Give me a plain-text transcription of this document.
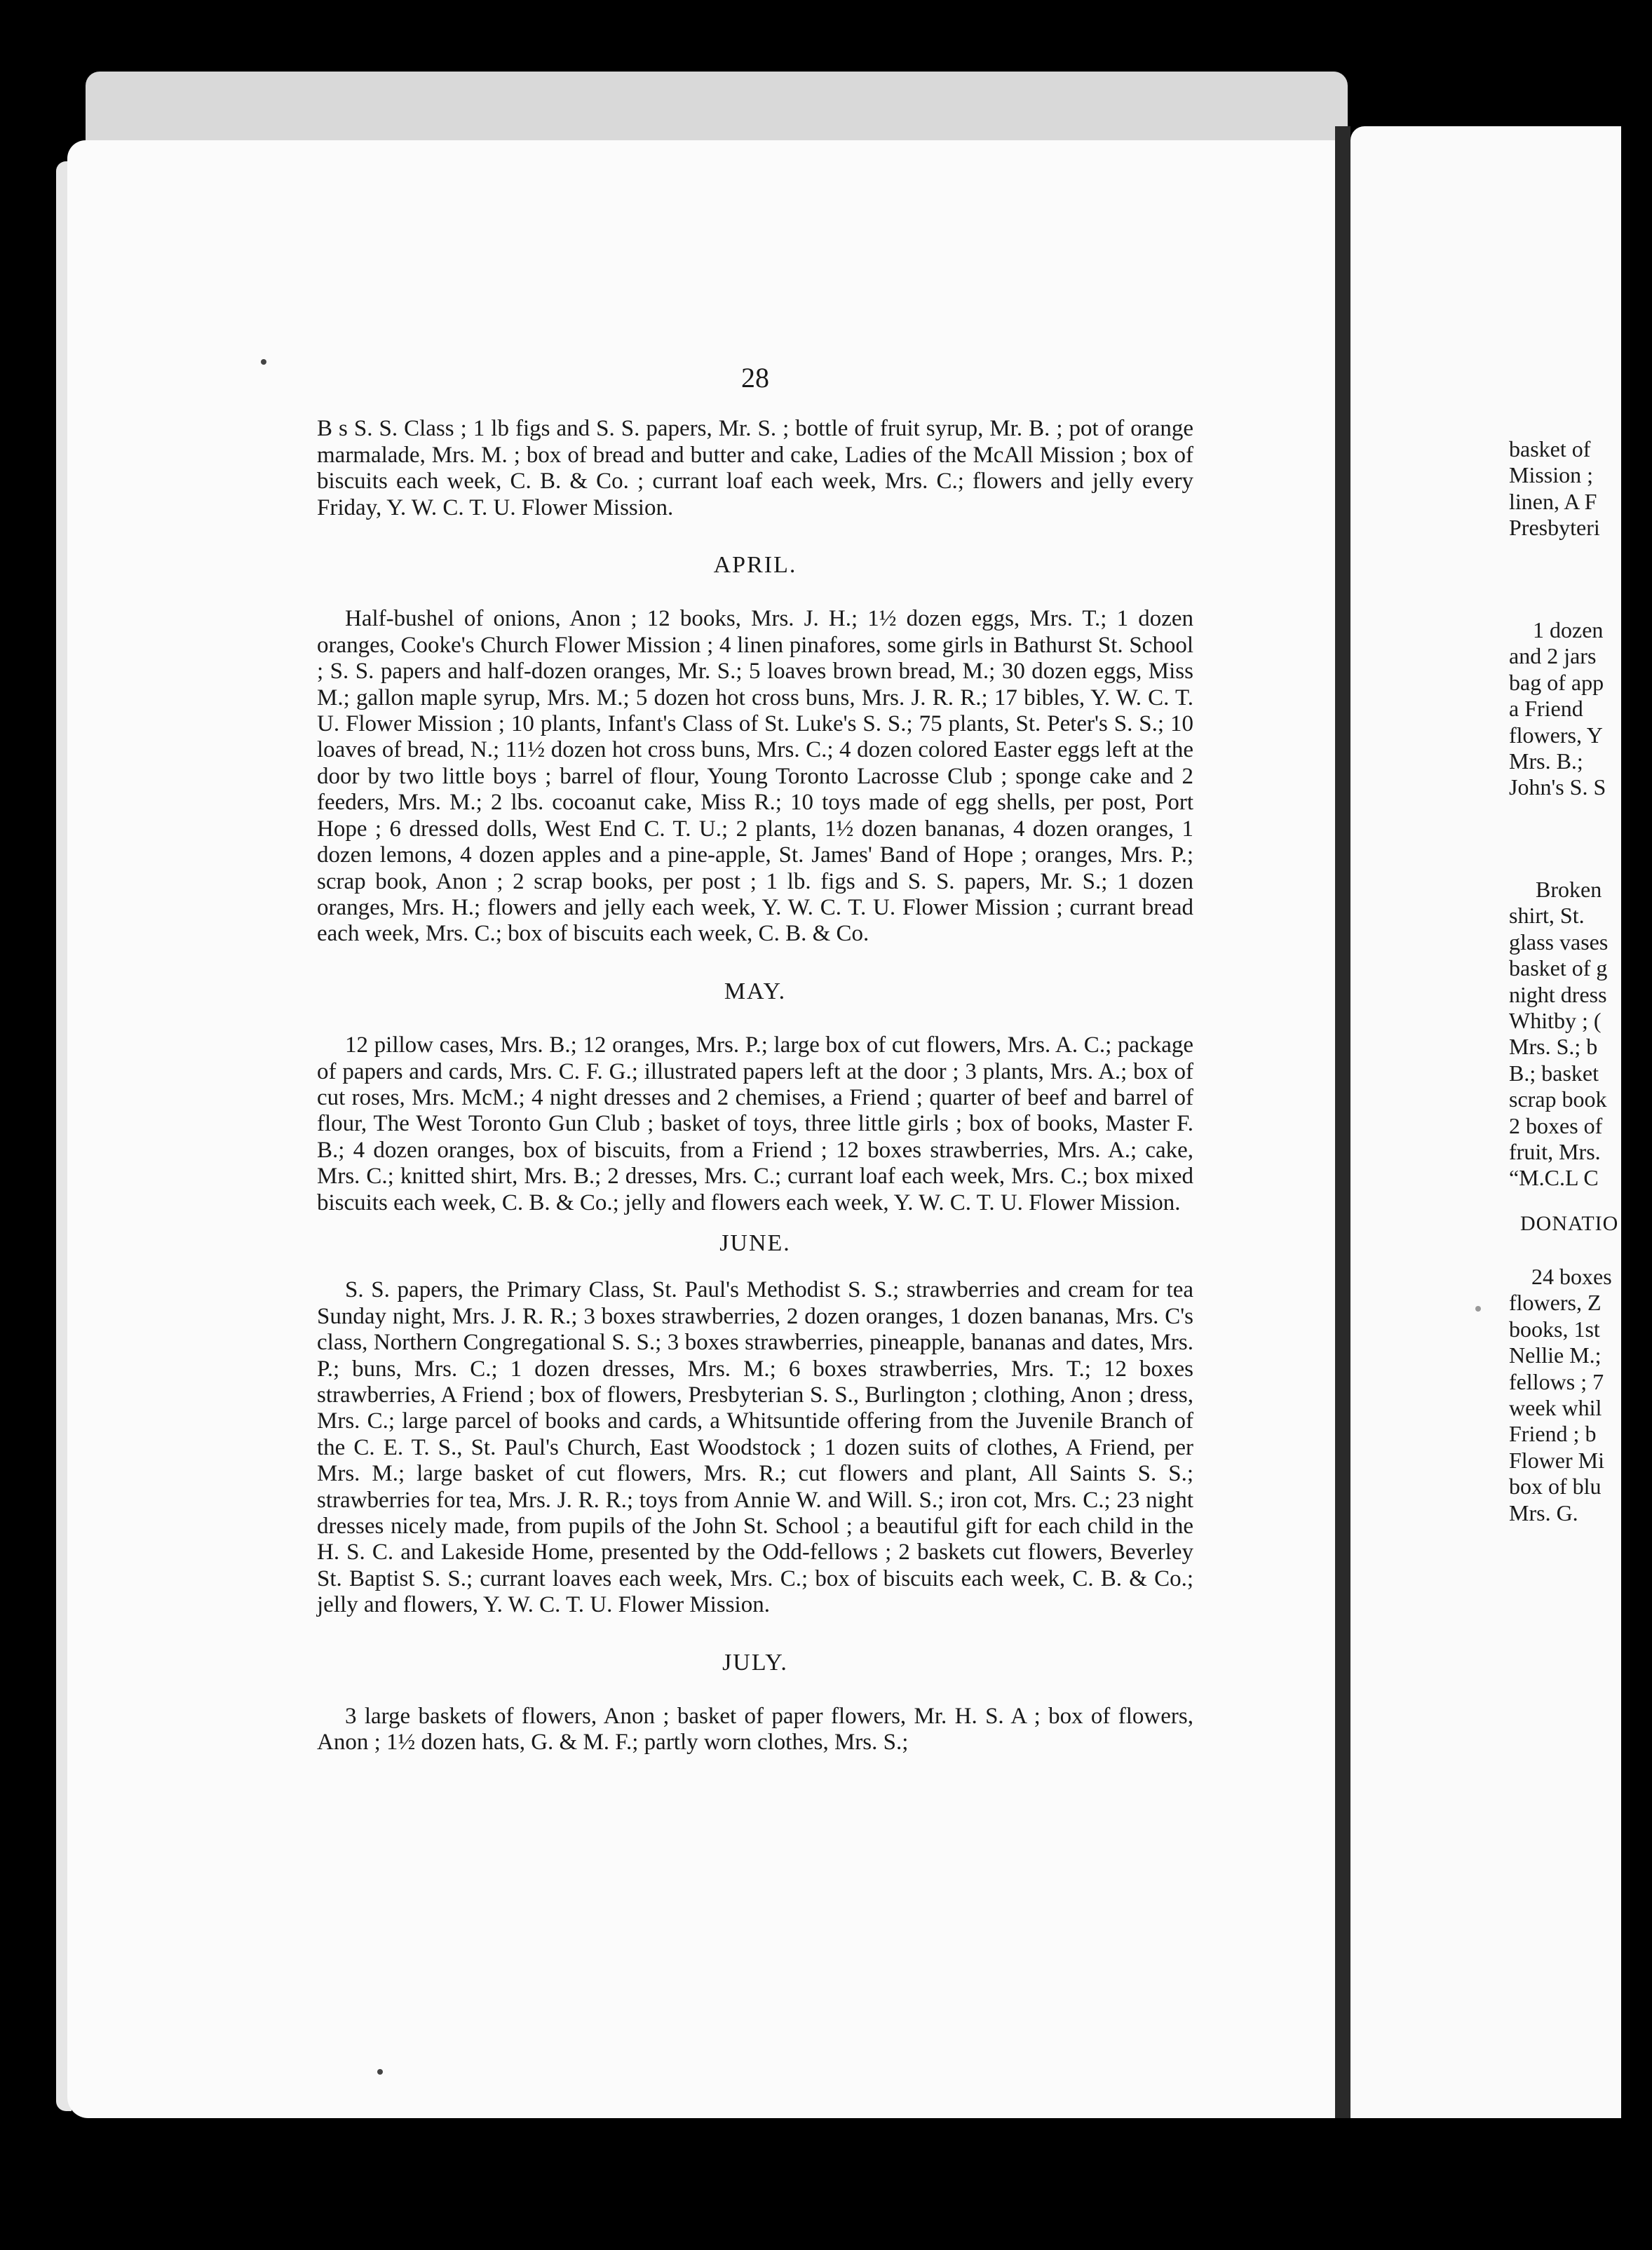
28

B s S. S. Class ; 1 lb figs and S. S. papers, Mr. S. ; bottle of fruit syrup, Mr. B. ; pot of orange marmalade, Mrs. M. ; box of bread and butter and cake, Ladies of the McAll Mission ; box of biscuits each week, C. B. & Co. ; currant loaf each week, Mrs. C.; flowers and jelly every Friday, Y. W. C. T. U. Flower Mission.

APRIL.

Half-bushel of onions, Anon ; 12 books, Mrs. J. H.; 1½ dozen eggs, Mrs. T.; 1 dozen oranges, Cooke's Church Flower Mission ; 4 linen pinafores, some girls in Bathurst St. School ; S. S. papers and half-dozen oranges, Mr. S.; 5 loaves brown bread, M.; 30 dozen eggs, Miss M.; gallon maple syrup, Mrs. M.; 5 dozen hot cross buns, Mrs. J. R. R.; 17 bibles, Y. W. C. T. U. Flower Mission ; 10 plants, Infant's Class of St. Luke's S. S.; 75 plants, St. Peter's S. S.; 10 loaves of bread, N.; 11½ dozen hot cross buns, Mrs. C.; 4 dozen colored Easter eggs left at the door by two little boys ; barrel of flour, Young Toronto Lacrosse Club ; sponge cake and 2 feeders, Mrs. M.; 2 lbs. cocoanut cake, Miss R.; 10 toys made of egg shells, per post, Port Hope ; 6 dressed dolls, West End C. T. U.; 2 plants, 1½ dozen bananas, 4 dozen oranges, 1 dozen lemons, 4 dozen apples and a pine-apple, St. James' Band of Hope ; oranges, Mrs. P.; scrap book, Anon ; 2 scrap books, per post ; 1 lb. figs and S. S. papers, Mr. S.; 1 dozen oranges, Mrs. H.; flowers and jelly each week, Y. W. C. T. U. Flower Mission ; currant bread each week, Mrs. C.; box of biscuits each week, C. B. & Co.

MAY.

12 pillow cases, Mrs. B.; 12 oranges, Mrs. P.; large box of cut flowers, Mrs. A. C.; package of papers and cards, Mrs. C. F. G.; illustrated papers left at the door ; 3 plants, Mrs. A.; box of cut roses, Mrs. McM.; 4 night dresses and 2 chemises, a Friend ; quarter of beef and barrel of flour, The West Toronto Gun Club ; basket of toys, three little girls ; box of books, Master F. B.; 4 dozen oranges, box of biscuits, from a Friend ; 12 boxes strawberries, Mrs. A.; cake, Mrs. C.; knitted shirt, Mrs. B.; 2 dresses, Mrs. C.; currant loaf each week, Mrs. C.; box mixed biscuits each week, C. B. & Co.; jelly and flowers each week, Y. W. C. T. U. Flower Mission.

JUNE.

S. S. papers, the Primary Class, St. Paul's Methodist S. S.; strawberries and cream for tea Sunday night, Mrs. J. R. R.; 3 boxes strawberries, 2 dozen oranges, 1 dozen bananas, Mrs. C's class, Northern Congregational S. S.; 3 boxes strawberries, pineapple, bananas and dates, Mrs. P.; buns, Mrs. C.; 1 dozen dresses, Mrs. M.; 6 boxes strawberries, Mrs. T.; 12 boxes strawberries, A Friend ; box of flowers, Presbyterian S. S., Burlington ; clothing, Anon ; dress, Mrs. C.; large parcel of books and cards, a Whitsuntide offering from the Juvenile Branch of the C. E. T. S., St. Paul's Church, East Woodstock ; 1 dozen suits of clothes, A Friend, per Mrs. M.; large basket of cut flowers, Mrs. R.; cut flowers and plant, All Saints S. S.; strawberries for tea, Mrs. J. R. R.; toys from Annie W. and Will. S.; iron cot, Mrs. C.; 23 night dresses nicely made, from pupils of the John St. School ; a beautiful gift for each child in the H. S. C. and Lakeside Home, presented by the Odd-fellows ; 2 baskets cut flowers, Beverley St. Baptist S. S.; currant loaves each week, Mrs. C.; box of biscuits each week, C. B. & Co.; jelly and flowers, Y. W. C. T. U. Flower Mission.

JULY.

3 large baskets of flowers, Anon ; basket of paper flowers, Mr. H. S. A ; box of flowers, Anon ; 1½ dozen hats, G. & M. F.; partly worn clothes, Mrs. S.;

basket of
Mission ;
linen, A F
Presbyteri
1 dozen
and 2 jars
bag of app
a Friend
flowers, Y
Mrs. B.;
John's S. S
Broken
shirt, St.
glass vases
basket of g
night dress
Whitby ; (
Mrs. S.; b
B.; basket
scrap book
2 boxes of
fruit, Mrs.
“M.C.L C
DONATIO
24 boxes
flowers, Z
books, 1st
Nellie M.;
fellows ; 7
week whil
Friend ; b
Flower Mi
box of blu
Mrs. G.
